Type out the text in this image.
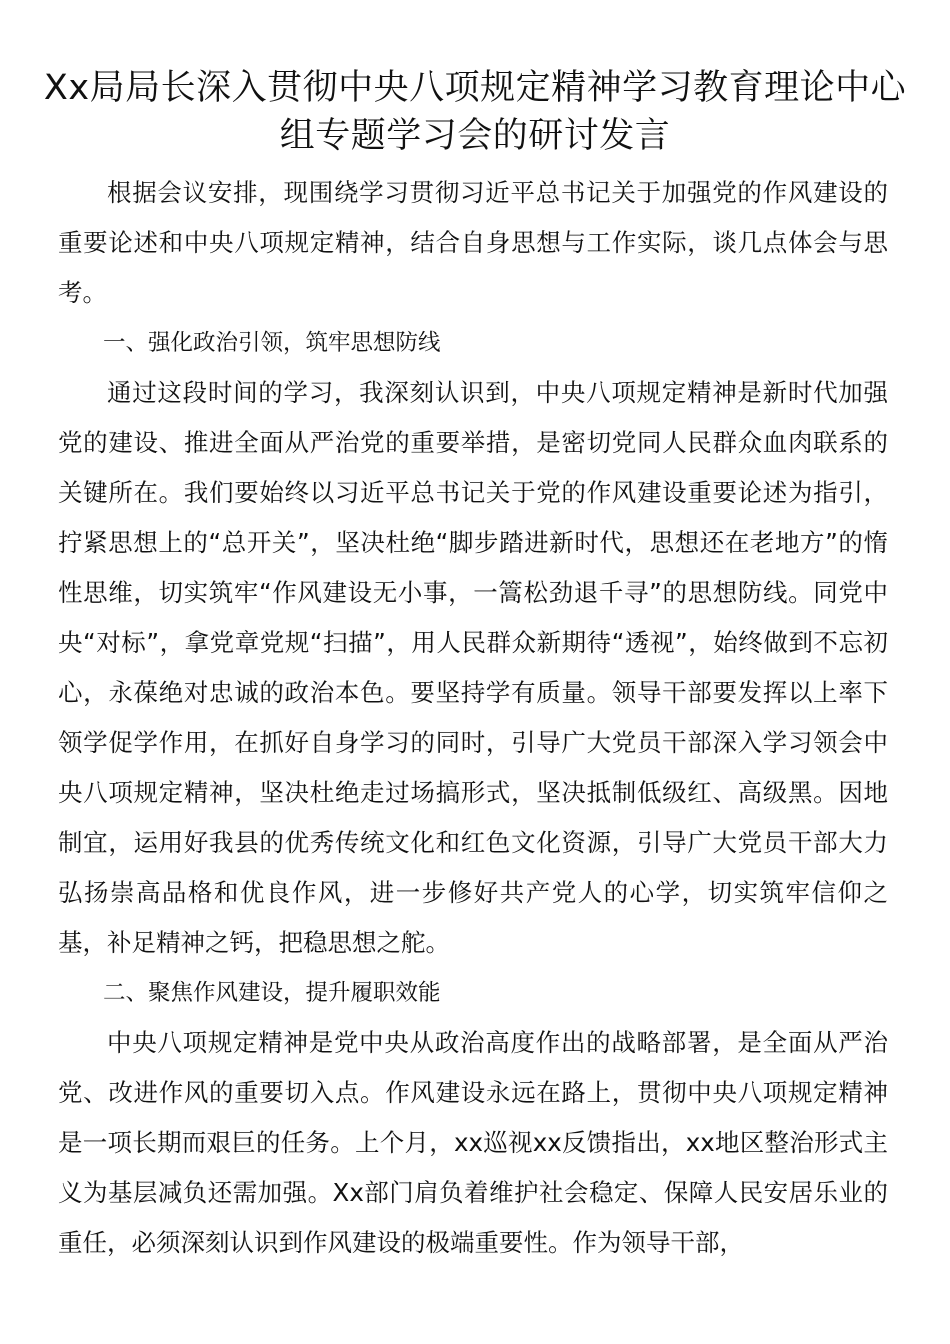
Xx局局长深入贯彻中央八项规定精神学习教育理论中心组专题学习会的研讨发言

根据会议安排，现围绕学习贯彻习近平总书记关于加强党的作风建设的重要论述和中央八项规定精神，结合自身思想与工作实际，谈几点体会与思考。

一、强化政治引领，筑牢思想防线

通过这段时间的学习，我深刻认识到，中央八项规定精神是新时代加强党的建设、推进全面从严治党的重要举措，是密切党同人民群众血肉联系的关键所在。我们要始终以习近平总书记关于党的作风建设重要论述为指引，拧紧思想上的“总开关”，坚决杜绝“脚步踏进新时代，思想还在老地方”的惰性思维，切实筑牢“作风建设无小事，一篙松劲退千寻”的思想防线。同党中央“对标”，拿党章党规“扫描”，用人民群众新期待“透视”，始终做到不忘初心，永葆绝对忠诚的政治本色。要坚持学有质量。领导干部要发挥以上率下领学促学作用，在抓好自身学习的同时，引导广大党员干部深入学习领会中央八项规定精神，坚决杜绝走过场搞形式，坚决抵制低级红、高级黑。因地制宜，运用好我县的优秀传统文化和红色文化资源，引导广大党员干部大力弘扬崇高品格和优良作风，进一步修好共产党人的心学，切实筑牢信仰之基，补足精神之钙，把稳思想之舵。

二、聚焦作风建设，提升履职效能

中央八项规定精神是党中央从政治高度作出的战略部署，是全面从严治党、改进作风的重要切入点。作风建设永远在路上，贯彻中央八项规定精神是一项长期而艰巨的任务。上个月，xx巡视xx反馈指出，xx地区整治形式主义为基层减负还需加强。Xx部门肩负着维护社会稳定、保障人民安居乐业的重任，必须深刻认识到作风建设的极端重要性。作为领导干部，
